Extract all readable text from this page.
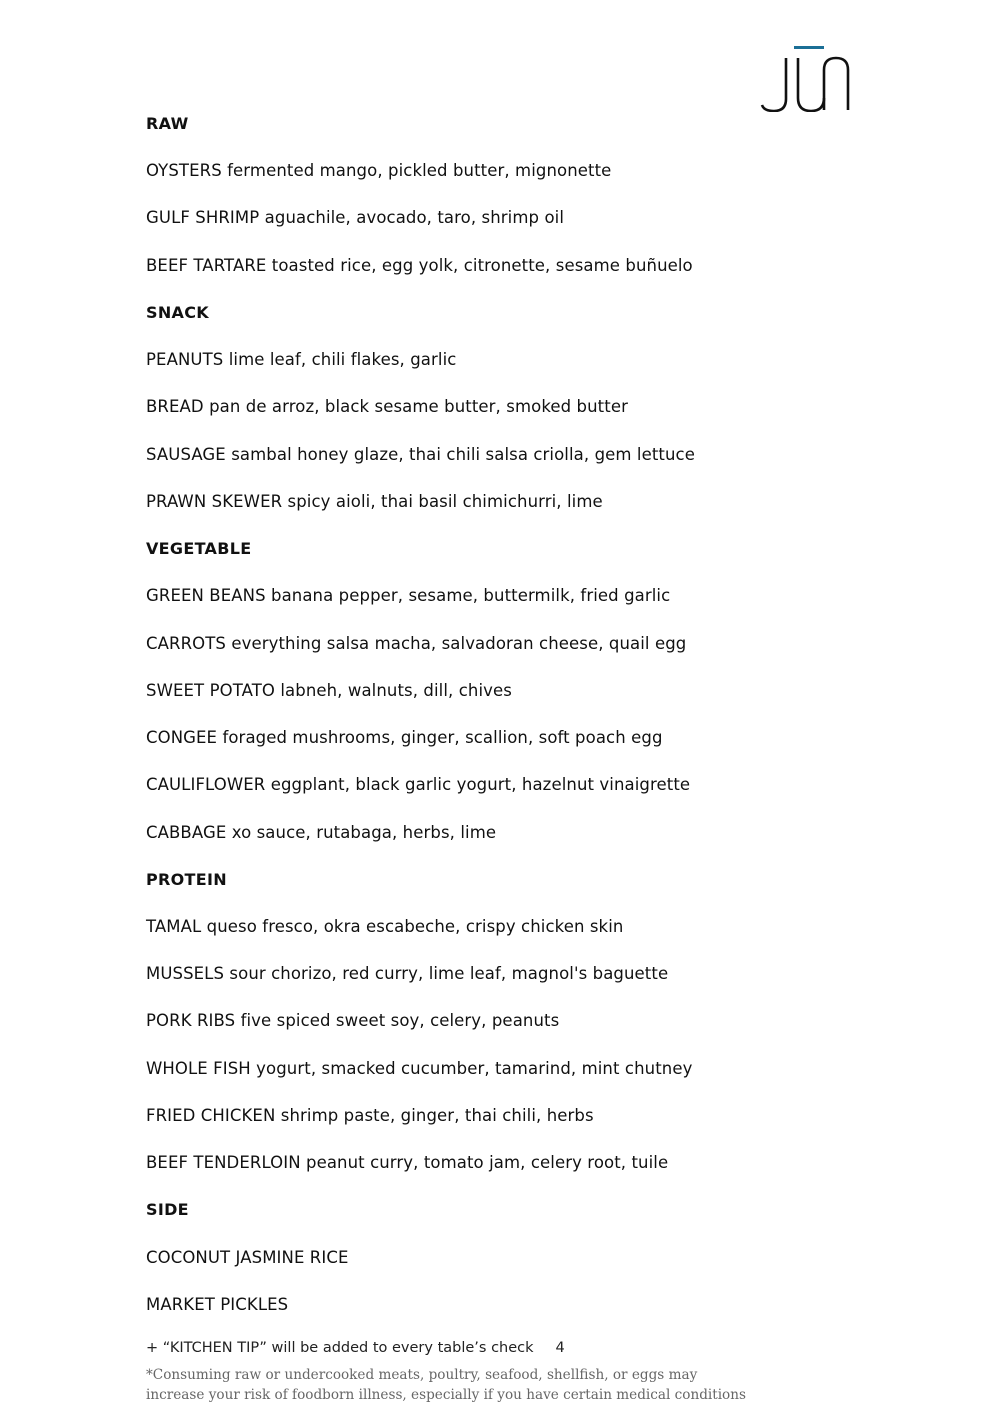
RAW
OYSTERS fermented mango, pickled butter, mignonette
GULF SHRIMP aguachile, avocado, taro, shrimp oil
BEEF TARTARE toasted rice, egg yolk, citronette, sesame buñuelo
SNACK
PEANUTS lime leaf, chili flakes, garlic
BREAD pan de arroz, black sesame butter, smoked butter
SAUSAGE sambal honey glaze, thai chili salsa criolla, gem lettuce
PRAWN SKEWER spicy aioli, thai basil chimichurri, lime
VEGETABLE
GREEN BEANS banana pepper, sesame, buttermilk, fried garlic
CARROTS everything salsa macha, salvadoran cheese, quail egg
SWEET POTATO labneh, walnuts, dill, chives
CONGEE foraged mushrooms, ginger, scallion, soft poach egg
CAULIFLOWER eggplant, black garlic yogurt, hazelnut vinaigrette
CABBAGE xo sauce, rutabaga, herbs, lime
PROTEIN
TAMAL queso fresco, okra escabeche, crispy chicken skin
MUSSELS sour chorizo, red curry, lime leaf, magnol's baguette
PORK RIBS five spiced sweet soy, celery, peanuts
WHOLE FISH yogurt, smacked cucumber, tamarind, mint chutney
FRIED CHICKEN shrimp paste, ginger, thai chili, herbs
BEEF TENDERLOIN peanut curry, tomato jam, celery root, tuile
SIDE
COCONUT JASMINE RICE
MARKET PICKLES
+ “KITCHEN TIP” will be added to every table’s check 4
*Consuming raw or undercooked meats, poultry, seafood, shellfish, or eggs may
increase your risk of foodborn illness, especially if you have certain medical conditions
